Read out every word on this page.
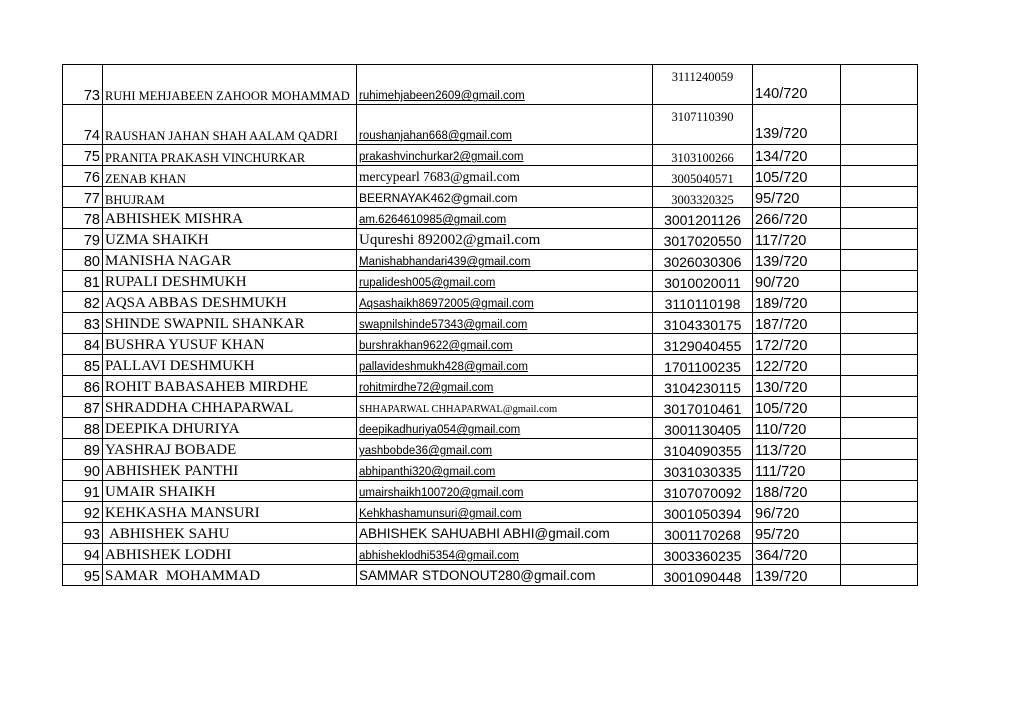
73	RUHI MEHJABEEN ZAHOOR MOHAMMAD	ruhimehjabeen2609@gmail.com	3111240059	140/720	
74	RAUSHAN JAHAN SHAH AALAM QADRI	roushanjahan668@gmail.com	3107110390	139/720	
75	PRANITA PRAKASH VINCHURKAR	prakashvinchurkar2@gmail.com	3103100266	134/720	
76	ZENAB KHAN	mercypearl 7683@gmail.com	3005040571	105/720	
77	BHUJRAM	BEERNAYAK462@gmail.com	3003320325	95/720	
78	ABHISHEK MISHRA	am.6264610985@gmail.com	3001201126	266/720	
79	UZMA SHAIKH	Uqureshi 892002@gmail.com	3017020550	117/720	
80	MANISHA NAGAR	Manishabhandari439@gmail.com	3026030306	139/720	
81	RUPALI DESHMUKH	rupalidesh005@gmail.com	3010020011	90/720	
82	AQSA ABBAS DESHMUKH	Aqsashaikh86972005@gmail.com	3110110198	189/720	
83	SHINDE SWAPNIL SHANKAR	swapnilshinde57343@gmail.com	3104330175	187/720	
84	BUSHRA YUSUF KHAN	burshrakhan9622@gmail.com	3129040455	172/720	
85	PALLAVI DESHMUKH	pallavideshmukh428@gmail.com	1701100235	122/720	
86	ROHIT BABASAHEB MIRDHE	rohitmirdhe72@gmail.com	3104230115	130/720	
87	SHRADDHA CHHAPARWAL	SHHAPARWAL CHHAPARWAL@gmail.com	3017010461	105/720	
88	DEEPIKA DHURIYA	deepikadhuriya054@gmail.com	3001130405	110/720	
89	YASHRAJ BOBADE	yashbobde36@gmail.com	3104090355	113/720	
90	ABHISHEK PANTHI	abhipanthi320@gmail.com	3031030335	111/720	
91	UMAIR SHAIKH	umairshaikh100720@gmail.com	3107070092	188/720	
92	KEHKASHA MANSURI	Kehkhashamunsuri@gmail.com	3001050394	96/720	
93	ABHISHEK SAHU	ABHISHEK SAHUABHI ABHI@gmail.com	3001170268	95/720	
94	ABHISHEK LODHI	abhisheklodhi5354@gmail.com	3003360235	364/720	
95	SAMAR  MOHAMMAD	SAMMAR STDONOUT280@gmail.com	3001090448	139/720	
